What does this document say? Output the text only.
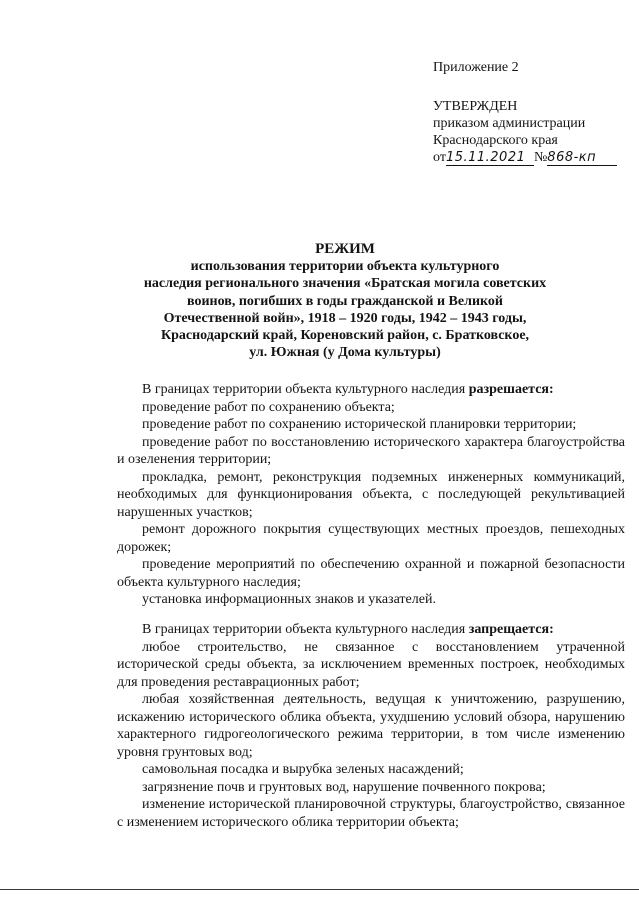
Приложение 2
УТВЕРЖДЕН
приказом администрации
Краснодарского края
от15.11.2021 №868-кп
РЕЖИМ
использования территории объекта культурного
наследия регионального значения «Братская могила советских
воинов, погибших в годы гражданской и Великой
Отечественной войн», 1918 – 1920 годы, 1942 – 1943 годы,
Краснодарский край, Кореновский район, с. Братковское,
ул. Южная (у Дома культуры)

В границах территории объекта культурного наследия разрешается:

проведение работ по сохранению объекта;

проведение работ по сохранению исторической планировки территории;

проведение работ по восстановлению исторического характера благоустройства и озеленения территории;

прокладка, ремонт, реконструкция подземных инженерных коммуникаций, необходимых для функционирования объекта, с последующей рекультивацией нарушенных участков;

ремонт дорожного покрытия существующих местных проездов, пешеходных дорожек;

проведение мероприятий по обеспечению охранной и пожарной безопасности объекта культурного наследия;

установка информационных знаков и указателей.

В границах территории объекта культурного наследия запрещается:

любое строительство, не связанное с восстановлением утраченной исторической среды объекта, за исключением временных построек, необходимых для проведения реставрационных работ;

любая хозяйственная деятельность, ведущая к уничтожению, разрушению, искажению исторического облика объекта, ухудшению условий обзора, нарушению характерного гидрогеологического режима территории, в том числе изменению уровня грунтовых вод;

самовольная посадка и вырубка зеленых насаждений;

загрязнение почв и грунтовых вод, нарушение почвенного покрова;

изменение исторической планировочной структуры, благоустройство, связанное с изменением исторического облика территории объекта;
